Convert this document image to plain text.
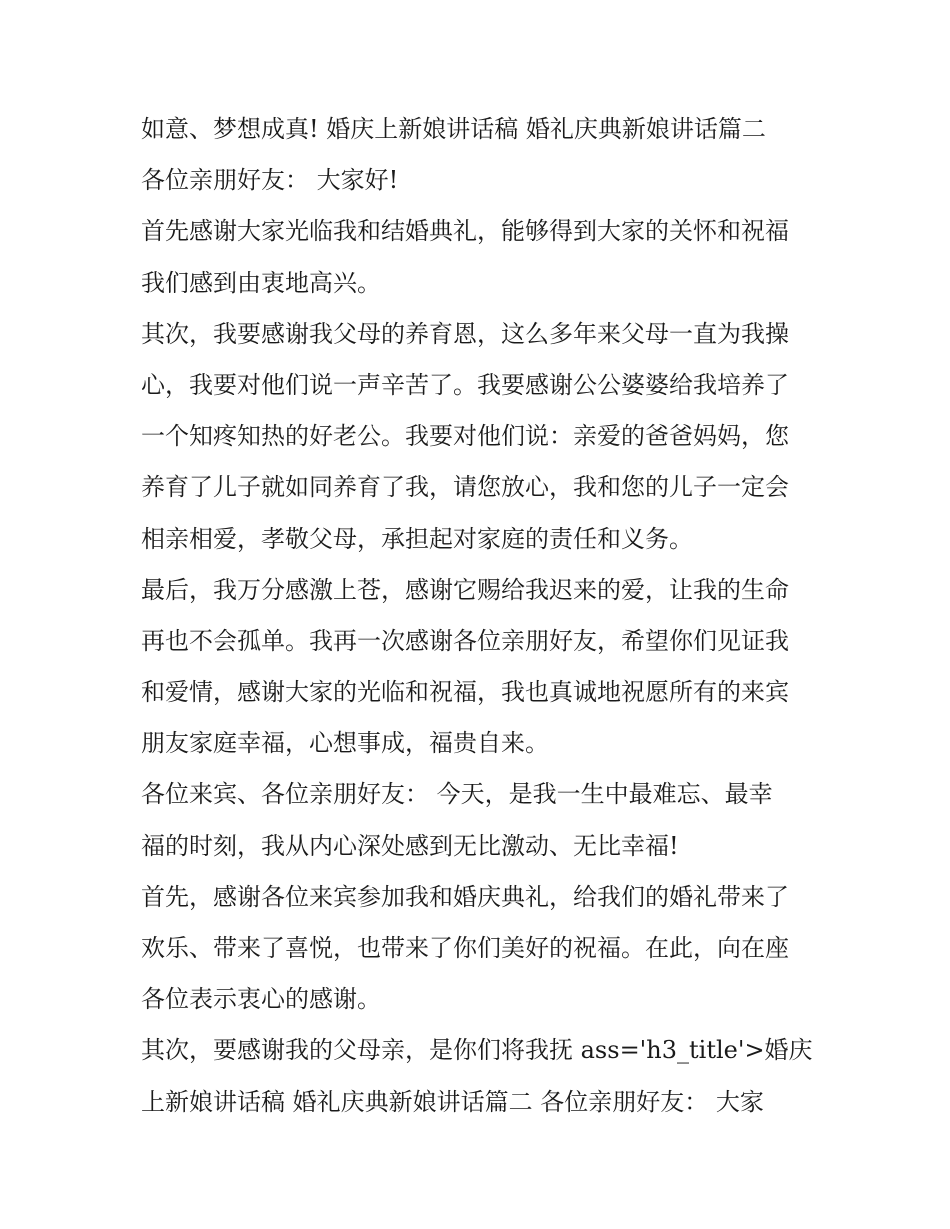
如意、梦想成真! 婚庆上新娘讲话稿 婚礼庆典新娘讲话篇二
各位亲朋好友： 大家好!
首先感谢大家光临我和结婚典礼，能够得到大家的关怀和祝福
我们感到由衷地高兴。
其次，我要感谢我父母的养育恩，这么多年来父母一直为我操
心，我要对他们说一声辛苦了。我要感谢公公婆婆给我培养了
一个知疼知热的好老公。我要对他们说：亲爱的爸爸妈妈，您
养育了儿子就如同养育了我，请您放心，我和您的儿子一定会
相亲相爱，孝敬父母，承担起对家庭的责任和义务。
最后，我万分感激上苍，感谢它赐给我迟来的爱，让我的生命
再也不会孤单。我再一次感谢各位亲朋好友，希望你们见证我
和爱情，感谢大家的光临和祝福，我也真诚地祝愿所有的来宾
朋友家庭幸福，心想事成，福贵自来。
各位来宾、各位亲朋好友： 今天，是我一生中最难忘、最幸
福的时刻，我从内心深处感到无比激动、无比幸福!
首先，感谢各位来宾参加我和婚庆典礼，给我们的婚礼带来了
欢乐、带来了喜悦，也带来了你们美好的祝福。在此，向在座
各位表示衷心的感谢。
其次，要感谢我的父母亲，是你们将我抚 ass='h3_title'>婚庆
上新娘讲话稿 婚礼庆典新娘讲话篇二 各位亲朋好友： 大家
